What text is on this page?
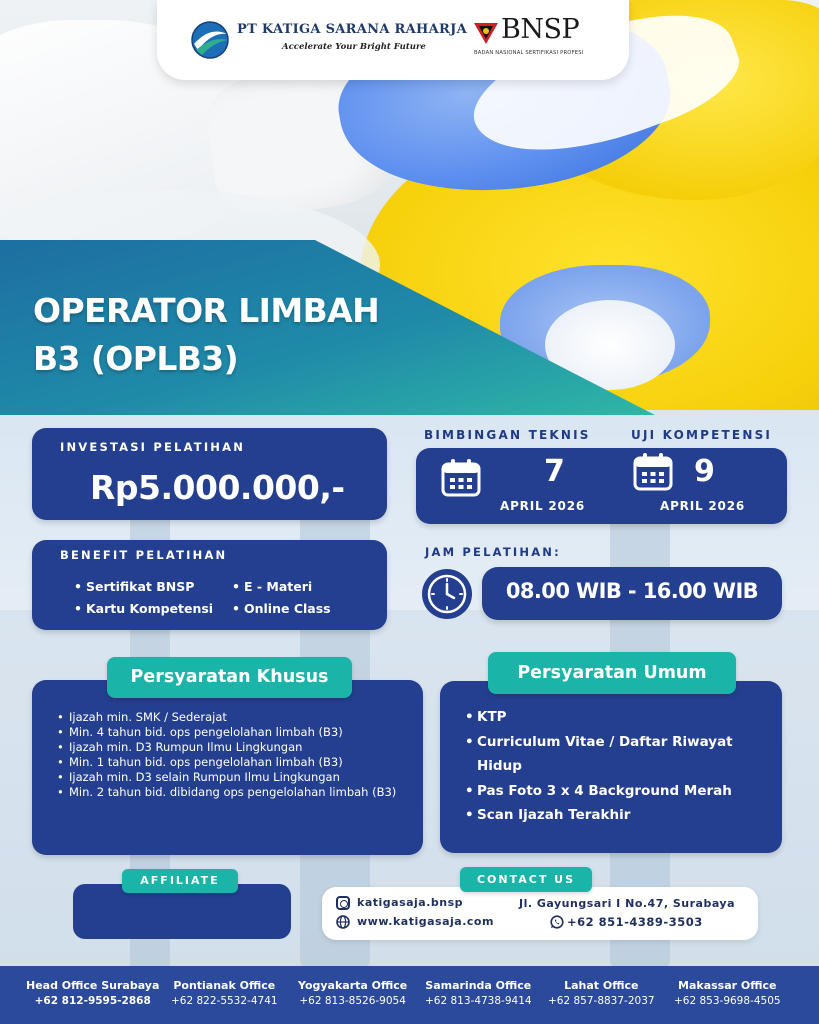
OPERATOR LIMBAH
B3 (OPLB3)
PT KATIGA SARANA RAHARJA
Accelerate Your Bright Future
BNSP
BADAN NASIONAL SERTIFIKASI PROFESI
INVESTASI PELATIHAN
Rp5.000.000,-
BIMBINGAN TEKNIS	UJI KOMPETENSI
7
APRIL 2026
9
APRIL 2026
BENEFIT PELATIHAN
• Sertifikat BNSP
• Kartu Kompetensi
• E - Materi
• Online Class
JAM PELATIHAN:
08.00 WIB - 16.00 WIB
Persyaratan Khusus
• Ijazah min. SMK / Sederajat
• Min. 4 tahun bid. ops pengelolahan limbah (B3)
• Ijazah min. D3 Rumpun Ilmu Lingkungan
• Min. 1 tahun bid. ops pengelolahan limbah (B3)
• Ijazah min. D3 selain Rumpun Ilmu Lingkungan
• Min. 2 tahun bid. dibidang ops pengelolahan limbah (B3)
Persyaratan Umum
• KTP
• Curriculum Vitae / Daftar Riwayat Hidup
• Pas Foto 3 x 4 Background Merah
• Scan Ijazah Terakhir
AFFILIATE	CONTACT US
katigasaja.bnsp
www.katigasaja.com
Jl. Gayungsari I No.47, Surabaya
+62 851-4389-3503
Head Office Surabaya
+62 812-9595-2868
Pontianak Office
+62 822-5532-4741
Yogyakarta Office
+62 813-8526-9054
Samarinda Office
+62 813-4738-9414
Lahat Office
+62 857-8837-2037
Makassar Office
+62 853-9698-4505
